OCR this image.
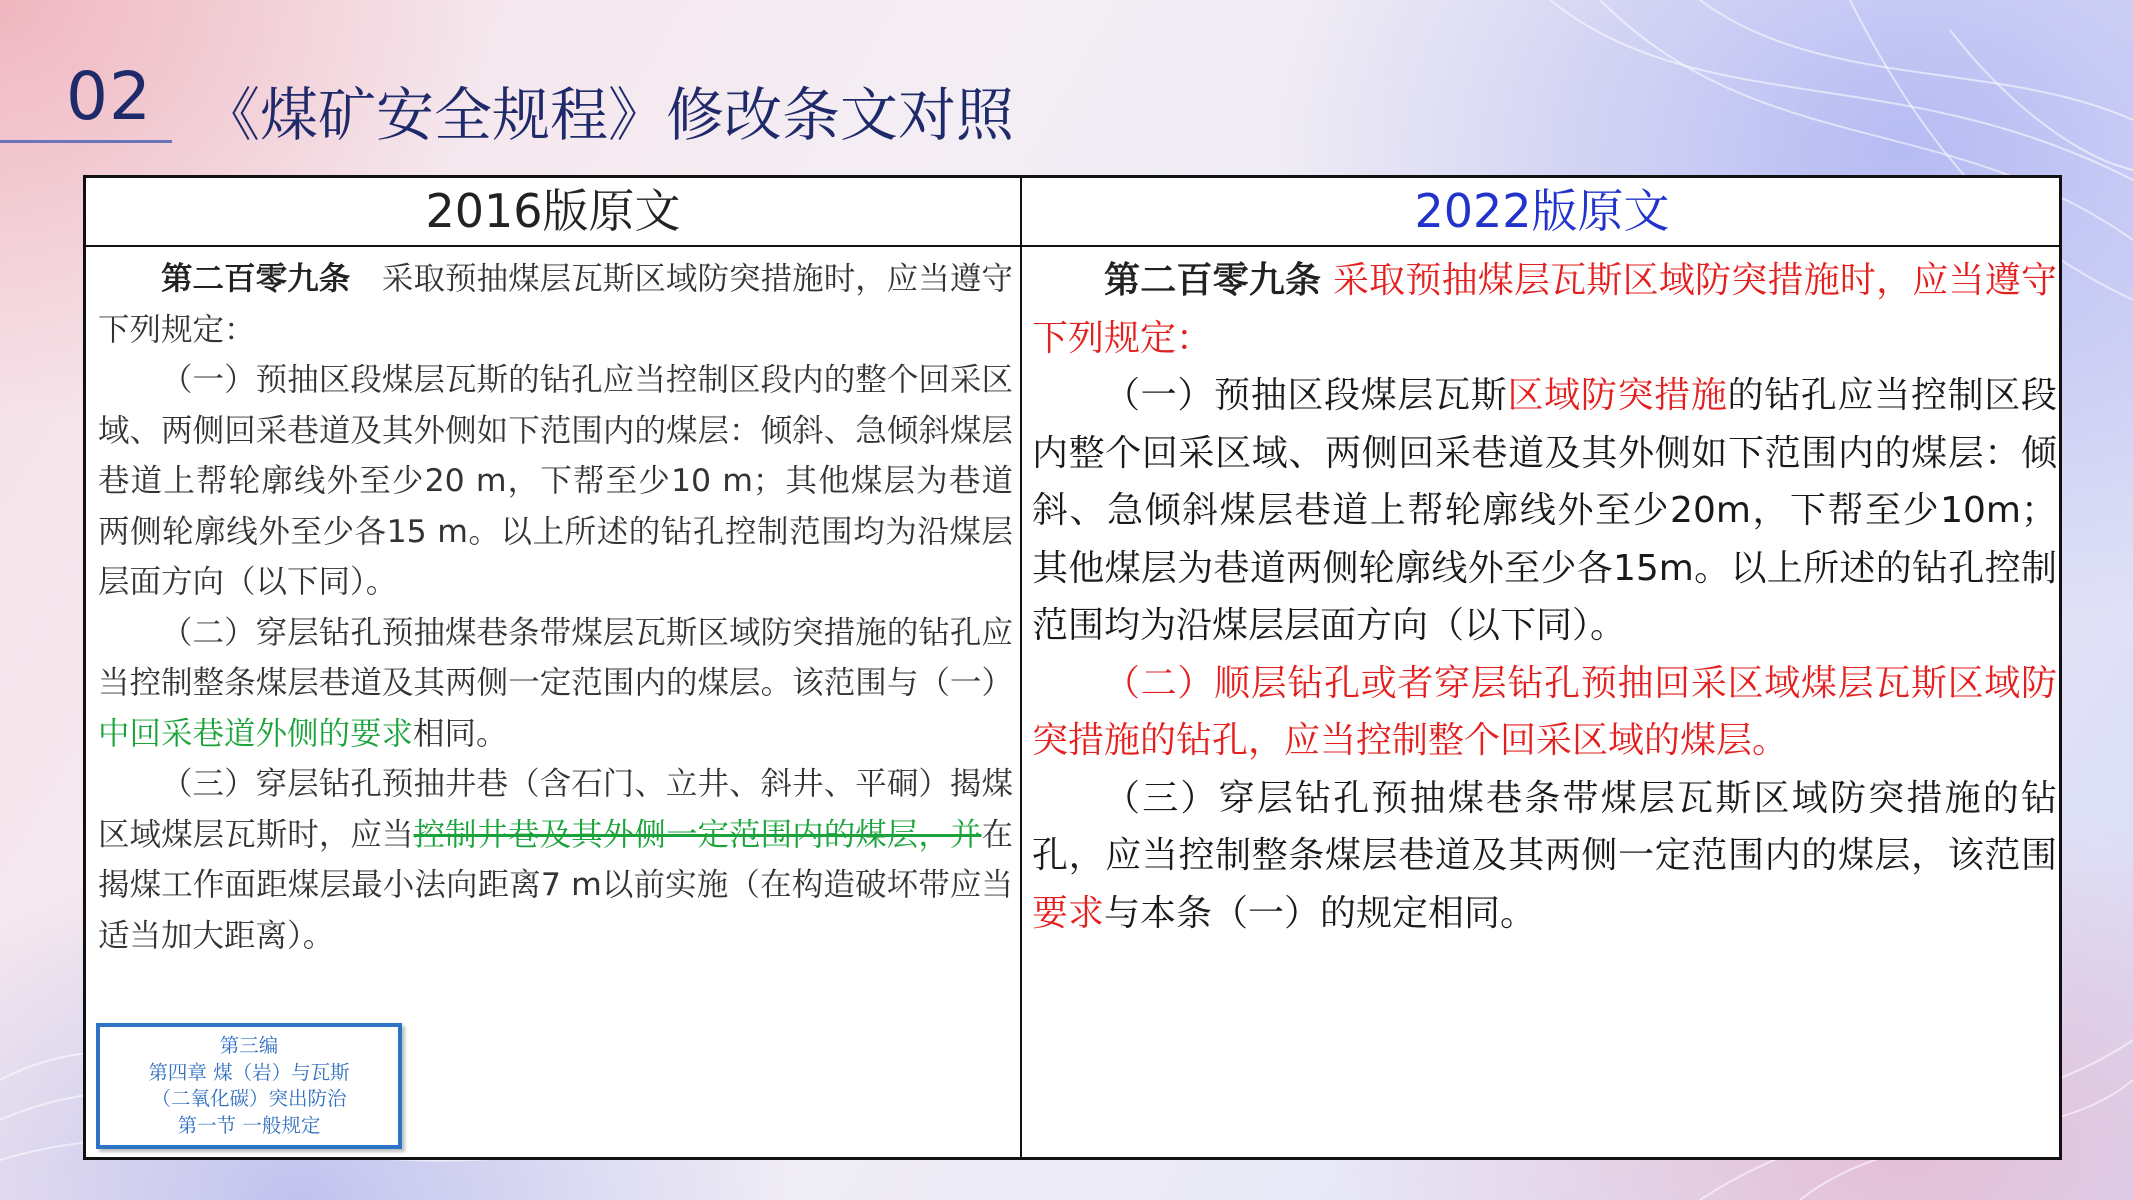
02 《煤矿安全规程》修改条文对照
2016版原文	2022版原文

第二百零九条　采取预抽煤层瓦斯区域防突措施时，应当遵守下列规定：

（一）预抽区段煤层瓦斯的钻孔应当控制区段内的整个回采区域、两侧回采巷道及其外侧如下范围内的煤层：倾斜、急倾斜煤层巷道上帮轮廓线外至少20 m，下帮至少10 m；其他煤层为巷道两侧轮廓线外至少各15 m。以上所述的钻孔控制范围均为沿煤层层面方向（以下同）。

（二）穿层钻孔预抽煤巷条带煤层瓦斯区域防突措施的钻孔应当控制整条煤层巷道及其两侧一定范围内的煤层。该范围与（一）中回采巷道外侧的要求相同。

（三）穿层钻孔预抽井巷（含石门、立井、斜井、平硐）揭煤区域煤层瓦斯时，应当控制井巷及其外侧一定范围内的煤层，并在揭煤工作面距煤层最小法向距离7 m以前实施（在构造破坏带应当适当加大距离）。

第二百零九条 采取预抽煤层瓦斯区域防突措施时，应当遵守下列规定：

（一）预抽区段煤层瓦斯区域防突措施的钻孔应当控制区段内整个回采区域、两侧回采巷道及其外侧如下范围内的煤层：倾斜、急倾斜煤层巷道上帮轮廓线外至少20m，下帮至少10m；其他煤层为巷道两侧轮廓线外至少各15m。以上所述的钻孔控制范围均为沿煤层层面方向（以下同）。

（二）顺层钻孔或者穿层钻孔预抽回采区域煤层瓦斯区域防突措施的钻孔，应当控制整个回采区域的煤层。

（三）穿层钻孔预抽煤巷条带煤层瓦斯区域防突措施的钻孔，应当控制整条煤层巷道及其两侧一定范围内的煤层，该范围要求与本条（一）的规定相同。

第三编
第四章 煤（岩）与瓦斯
（二氧化碳）突出防治
第一节 一般规定
